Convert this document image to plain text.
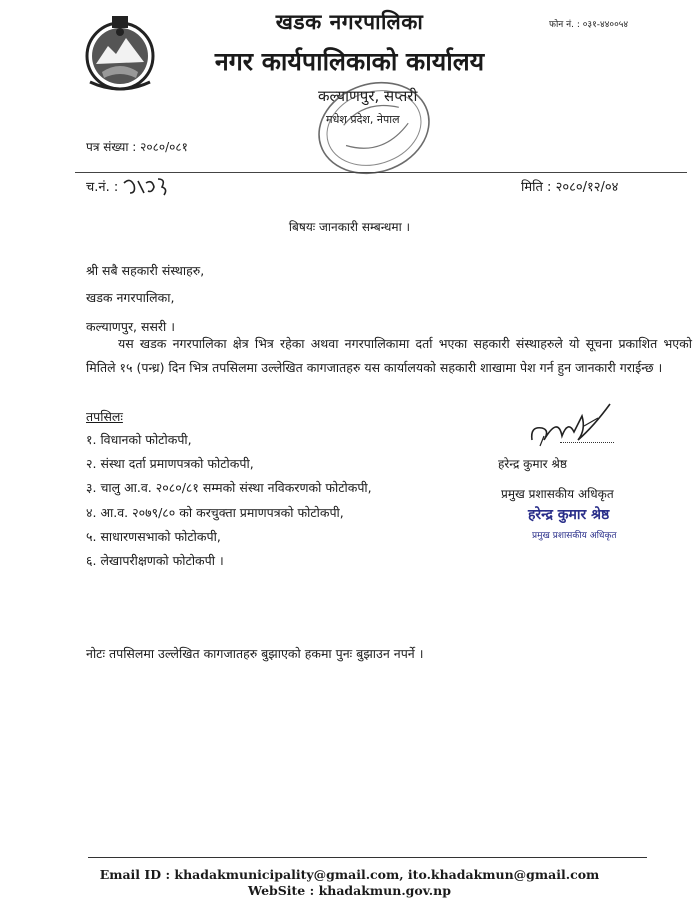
फोन नं. : ०३१-४४००५४
खडक नगरपालिका
नगर कार्यपालिकाको कार्यालय
कल्याणपुर, सप्तरी
मधेश प्रदेश, नेपाल
पत्र संख्या : २०८०/०८१
च.नं. :	मिति : २०८०/१२/०४
बिषयः जानकारी सम्बन्धमा ।
श्री सबै सहकारी संस्थाहरु,
खडक नगरपालिका,
कल्याणपुर, ससरी ।
यस खडक नगरपालिका क्षेत्र भित्र रहेका अथवा नगरपालिकामा दर्ता भएका सहकारी संस्थाहरुले यो सूचना प्रकाशित भएको मितिले १५ (पन्ध्र) दिन भित्र तपसिलमा उल्लेखित कागजातहरु यस कार्यालयको सहकारी शाखामा पेश गर्न हुन जानकारी गराईन्छ ।
तपसिलः
१. विधानको फोटोकपी,
२. संस्था दर्ता प्रमाणपत्रको फोटोकपी,
३. चालु आ.व. २०८०/८१ सम्मको संस्था नविकरणको फोटोकपी,
४. आ.व. २०७९/८० को करचुक्ता प्रमाणपत्रको फोटोकपी,
५. साधारणसभाको फोटोकपी,
६. लेखापरीक्षणको फोटोकपी ।
हरेन्द्र कुमार श्रेष्ठ
प्रमुख प्रशासकीय अधिकृत
हरेन्द्र कुमार श्रेष्ठ
प्रमुख प्रशासकीय अधिकृत
नोटः तपसिलमा उल्लेखित कागजातहरु बुझाएको हकमा पुनः बुझाउन नपर्ने ।
Email ID : khadakmunicipality@gmail.com, ito.khadakmun@gmail.com
WebSite : khadakmun.gov.np
